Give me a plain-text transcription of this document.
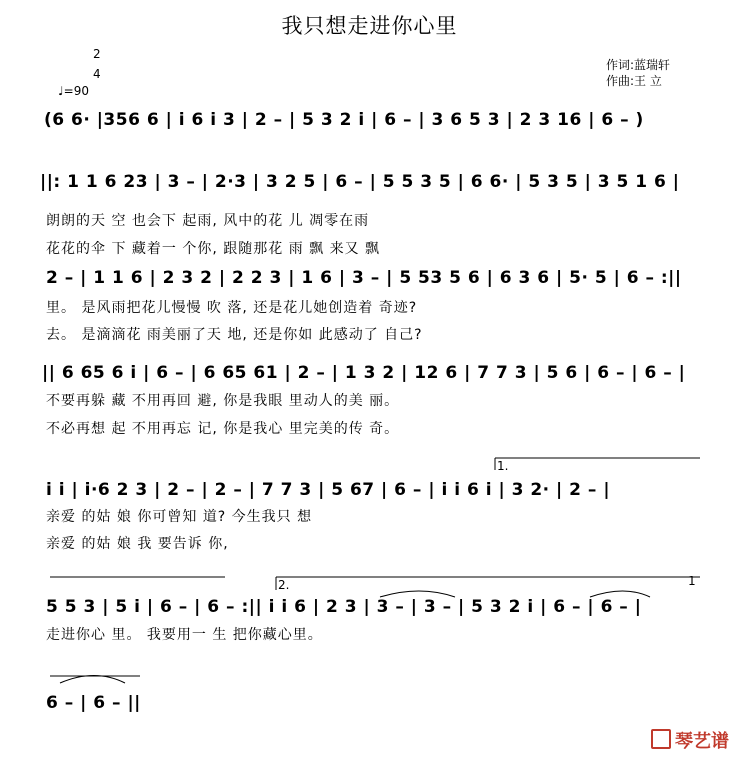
我只想走进你心里
2
4
♩=90
作词:蓝瑞轩
作曲:王 立
(6 6· |356 6 | i 6 i 3 | 2 – | 5 3 2 i | 6 – | 3 6 5 3 | 2 3 16 | 6 – )
||: 1 1 6 23 | 3 – | 2·3 | 3 2 5 | 6 – | 5 5 3 5 | 6 6· | 5 3 5 | 3 5 1 6 |
朗朗的天 空 也会下 起雨, 风中的花 儿 凋零在雨
花花的伞 下 藏着一 个你, 跟随那花 雨 飘 来又 飘
2 – | 1 1 6 | 2 3 2 | 2 2 3 | 1 6 | 3 – | 5 53 5 6 | 6 3 6 | 5· 5 | 6 – :||
里。 是风雨把花儿慢慢 吹 落, 还是花儿她创造着 奇迹?
去。 是滴滴花 雨美丽了天 地, 还是你如 此感动了 自己?
|| 6 65 6 i | 6 – | 6 65 61 | 2 – | 1 3 2 | 12 6 | 7 7 3 | 5 6 | 6 – | 6 – |
不要再躲 藏 不用再回 避, 你是我眼 里动人的美 丽。
不必再想 起 不用再忘 记, 你是我心 里完美的传 奇。
1.
i i | i·6 2 3 | 2 – | 2 – | 7 7 3 | 5 67 | 6 – | i i 6 i | 3 2· | 2 – |
亲爱 的姑 娘 你可曾知 道? 今生我只 想
亲爱 的姑 娘 我 要告诉 你,
2.	1
5 5 3 | 5 i | 6 – | 6 – :|| i i 6 | 2 3 | 3 – | 3 – | 5 3 2 i | 6 – | 6 – |
走进你心 里。 我要用一 生 把你藏心里。
6 – | 6 – ||
琴艺谱
